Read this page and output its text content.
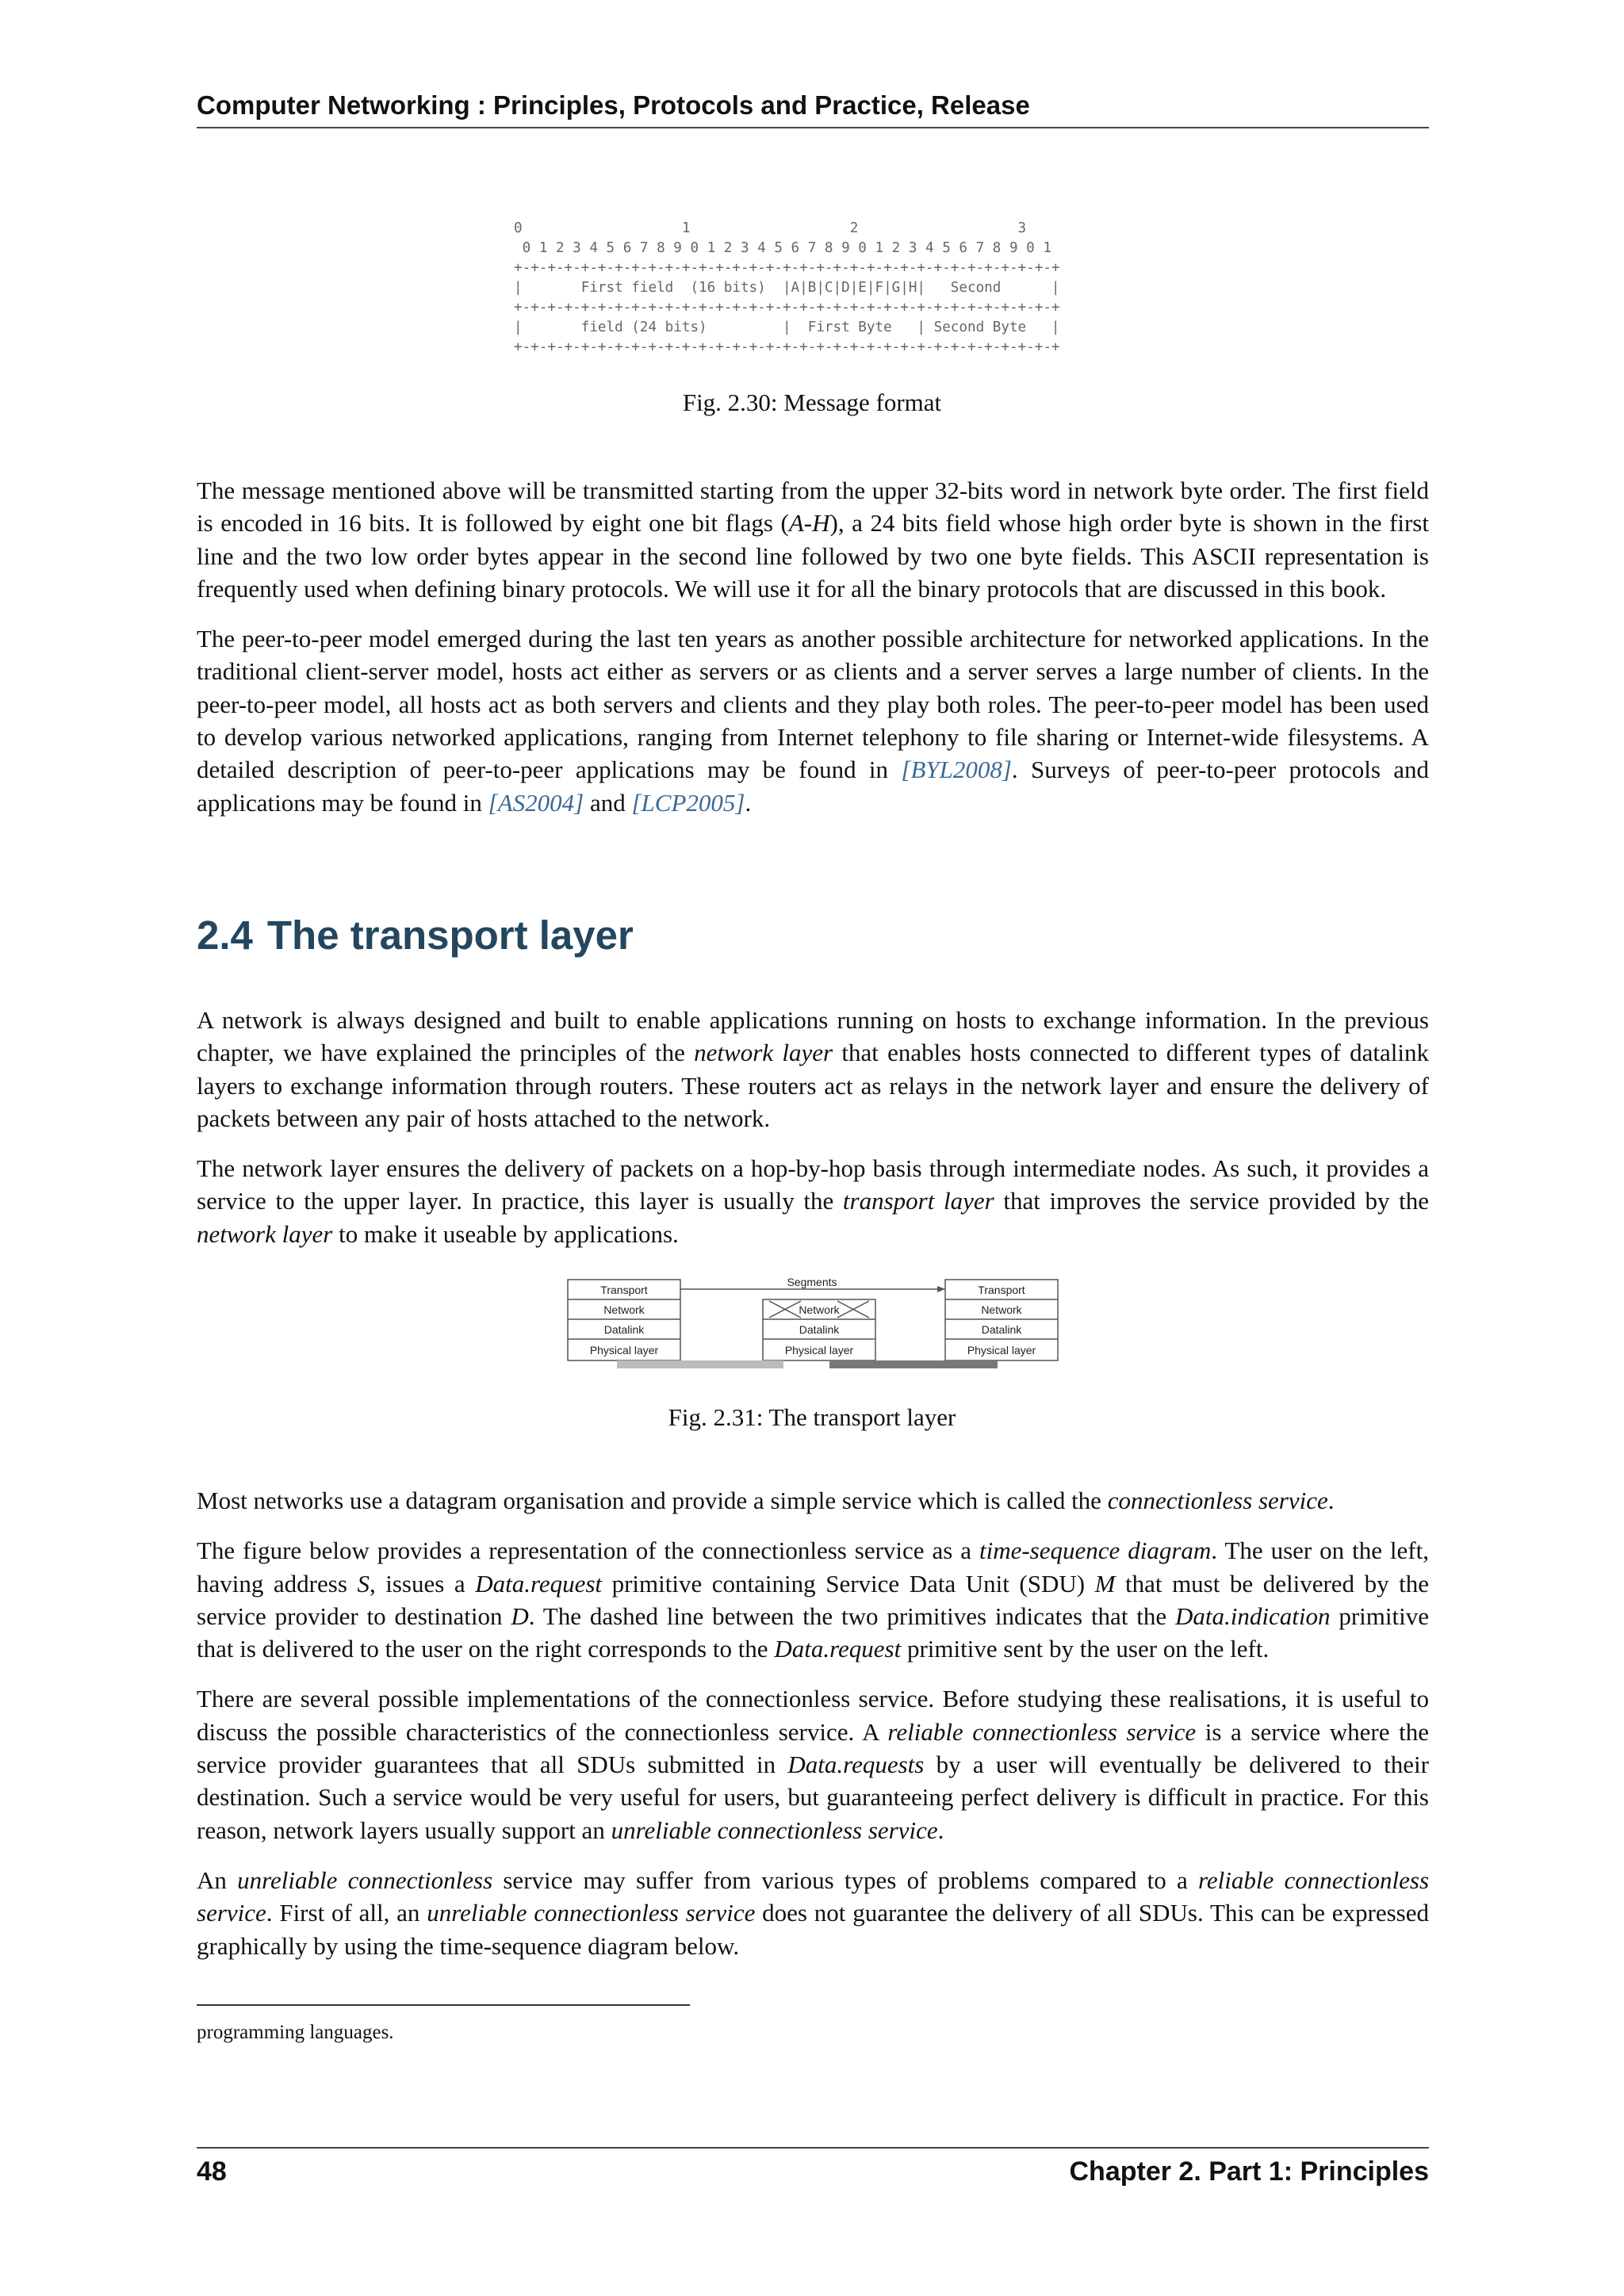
Computer Networking : Principles, Protocols and Practice, Release
0                   1                   2                   3
0 1 2 3 4 5 6 7 8 9 0 1 2 3 4 5 6 7 8 9 0 1 2 3 4 5 6 7 8 9 0 1
+-+-+-+-+-+-+-+-+-+-+-+-+-+-+-+-+-+-+-+-+-+-+-+-+-+-+-+-+-+-+-+-+
|       First field  (16 bits)  |A|B|C|D|E|F|G|H|   Second      |
+-+-+-+-+-+-+-+-+-+-+-+-+-+-+-+-+-+-+-+-+-+-+-+-+-+-+-+-+-+-+-+-+
|       field (24 bits)         |  First Byte   | Second Byte   |
+-+-+-+-+-+-+-+-+-+-+-+-+-+-+-+-+-+-+-+-+-+-+-+-+-+-+-+-+-+-+-+-+
Fig. 2.30: Message format

The message mentioned above will be transmitted starting from the upper 32-bits word in network byte order. The first field is encoded in 16 bits. It is followed by eight one bit flags (A-H), a 24 bits field whose high order byte is shown in the first line and the two low order bytes appear in the second line followed by two one byte fields. This ASCII representation is frequently used when defining binary protocols. We will use it for all the binary protocols that are discussed in this book.

The peer-to-peer model emerged during the last ten years as another possible architecture for networked applications. In the traditional client-server model, hosts act either as servers or as clients and a server serves a large number of clients. In the peer-to-peer model, all hosts act as both servers and clients and they play both roles. The peer-to-peer model has been used to develop various networked applications, ranging from Internet telephony to file sharing or Internet-wide filesystems. A detailed description of peer-to-peer applications may be found in [BYL2008]. Surveys of peer-to-peer protocols and applications may be found in [AS2004] and [LCP2005].

2.4 The transport layer

A network is always designed and built to enable applications running on hosts to exchange information. In the previous chapter, we have explained the principles of the network layer that enables hosts connected to different types of datalink layers to exchange information through routers. These routers act as relays in the network layer and ensure the delivery of packets between any pair of hosts attached to the network.

The network layer ensures the delivery of packets on a hop-by-hop basis through intermediate nodes. As such, it provides a service to the upper layer. In practice, this layer is usually the transport layer that improves the service provided by the network layer to make it useable by applications.

Transport
Network
Datalink
Physical layer
Network
Datalink
Physical layer
Transport
Network
Datalink
Physical layer
Segments
Fig. 2.31: The transport layer

Most networks use a datagram organisation and provide a simple service which is called the connectionless service.

The figure below provides a representation of the connectionless service as a time-sequence diagram. The user on the left, having address S, issues a Data.request primitive containing Service Data Unit (SDU) M that must be delivered by the service provider to destination D. The dashed line between the two primitives indicates that the Data.indication primitive that is delivered to the user on the right corresponds to the Data.request primitive sent by the user on the left.

There are several possible implementations of the connectionless service. Before studying these realisations, it is useful to discuss the possible characteristics of the connectionless service. A reliable connectionless service is a service where the service provider guarantees that all SDUs submitted in Data.requests by a user will eventually be delivered to their destination. Such a service would be very useful for users, but guaranteeing perfect delivery is difficult in practice. For this reason, network layers usually support an unreliable connectionless service.

An unreliable connectionless service may suffer from various types of problems compared to a reliable connectionless service. First of all, an unreliable connectionless service does not guarantee the delivery of all SDUs. This can be expressed graphically by using the time-sequence diagram below.

programming languages.
48	Chapter 2. Part 1: Principles
